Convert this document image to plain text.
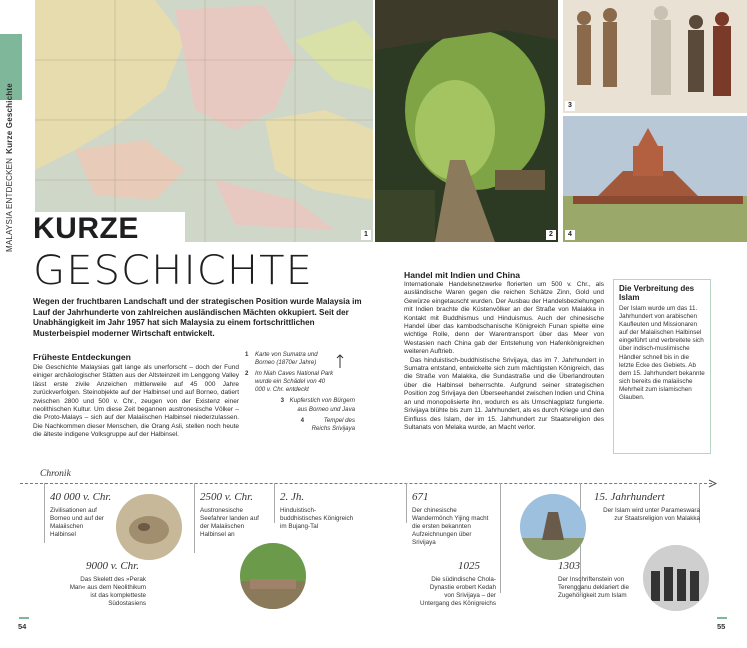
MALAYSIA ENTDECKENKurze Geschichte
1	2
3
4
KURZE
GESCHICHTE

Wegen der fruchtbaren Landschaft und der strategischen Position wurde Malaysia im Lauf der Jahrhunderte von zahlreichen ausländischen Mächten okkupiert. Seit der Unabhängigkeit im Jahr 1957 hat sich Malaysia zu einem fortschrittlichen Musterbeispiel moderner Wirtschaft entwickelt.

Früheste Entdeckungen

Die Geschichte Malaysias galt lange als unerforscht – doch der Fund einiger archäologischer Stätten aus der Altsteinzeit im Lenggong Valley lässt erste zivile Anzeichen mittlerweile auf 45 000 Jahre zurückverfolgen. Steinobjekte auf der Halbinsel und auf Borneo, datiert zwischen 2800 und 500 v. Chr., zeugen von der Existenz einer neolithischen Kultur. Um diese Zeit begannen austronesische Völker – die Proto-Malays – sich auf der Malaiischen Halbinsel niederzulassen. Die Nachkommen dieser Menschen, die Orang Asli, stellen noch heute die älteste indigene Volksgruppe auf der Halbinsel.

1	Karte von Sumatra und Borneo (1870er Jahre)
2	Im Niah Caves National Park wurde ein Schädel von 40 000 v. Chr. entdeckt
3 Kupferstich von Bürgern aus Borneo und Java
4	Tempel des Reichs Srivijaya
Handel mit Indien und China

Internationale Handelsnetzwerke florierten um 500 v. Chr., als ausländische Waren gegen die reichen Schätze Zinn, Gold und Gewürze eingetauscht wurden. Der Ausbau der Handelsbeziehungen mit Indien brachte die Küstenvölker an der Straße von Malakka in Kontakt mit Buddhismus und Hinduismus. Auch der chinesische Handel über das kambodschanische Königreich Funan spielte eine wichtige Rolle, denn der Warentransport über das Meer von Westasien nach China gab der Entstehung von Hafenkönigreichen weiteren Auftrieb.

Das hinduistisch-buddhistische Srivijaya, das im 7. Jahrhundert in Sumatra entstand, entwickelte sich zum mächtigsten Königreich, das die Straße von Malakka, die Sundastraße und die Überlandrouten über die Halbinsel beherrschte. Aufgrund seiner strategischen Position zog Srivijaya den Überseehandel zwischen Indien und China an und monopolisierte ihn, wodurch es als Umschlagplatz fungierte. Srivijaya blühte bis zum 11. Jahrhundert, als es durch Kriege und den Einfluss des Islam, der im 15. Jahrhundert zur Staatsreligion des Sultanats von Melaka wurde, an Macht verlor.

Die Verbreitung des Islam

Der Islam wurde um das 11. Jahrhundert von arabischen Kaufleuten und Missionaren auf der Malaiischen Halbinsel eingeführt und verbreitete sich über indisch-muslimische Händler schnell bis in die letzte Ecke des Gebiets. Ab dem 15. Jahrhundert bekannte sich bereits die malaiische Mehrheit zum islamischen Glauben.

Chronik
40 000 v. Chr.
Zivilisationen auf Borneo und auf der Malaiischen Halbinsel
9000 v. Chr.
Das Skelett des »Perak Man« aus dem Neolithikum ist das kompletteste Südostasiens
2500 v. Chr.
Austronesische Seefahrer landen auf der Malaiischen Halbinsel an
2. Jh.
Hinduistisch-buddhistisches Königreich im Bujang-Tal
671
Der chinesische Wandermönch Yijing macht die ersten bekannten Aufzeichnungen über Srivijaya
1025
Die südindische Chola-Dynastie erobert Kedah von Srivijaya – der Untergang des Königreichs
1303
Der Inschriftenstein von Terengganu deklariert die Zugehörigkeit zum Islam
15. Jahrhundert
Der Islam wird unter Parameswara zur Staatsreligion von Malakka
54	55
